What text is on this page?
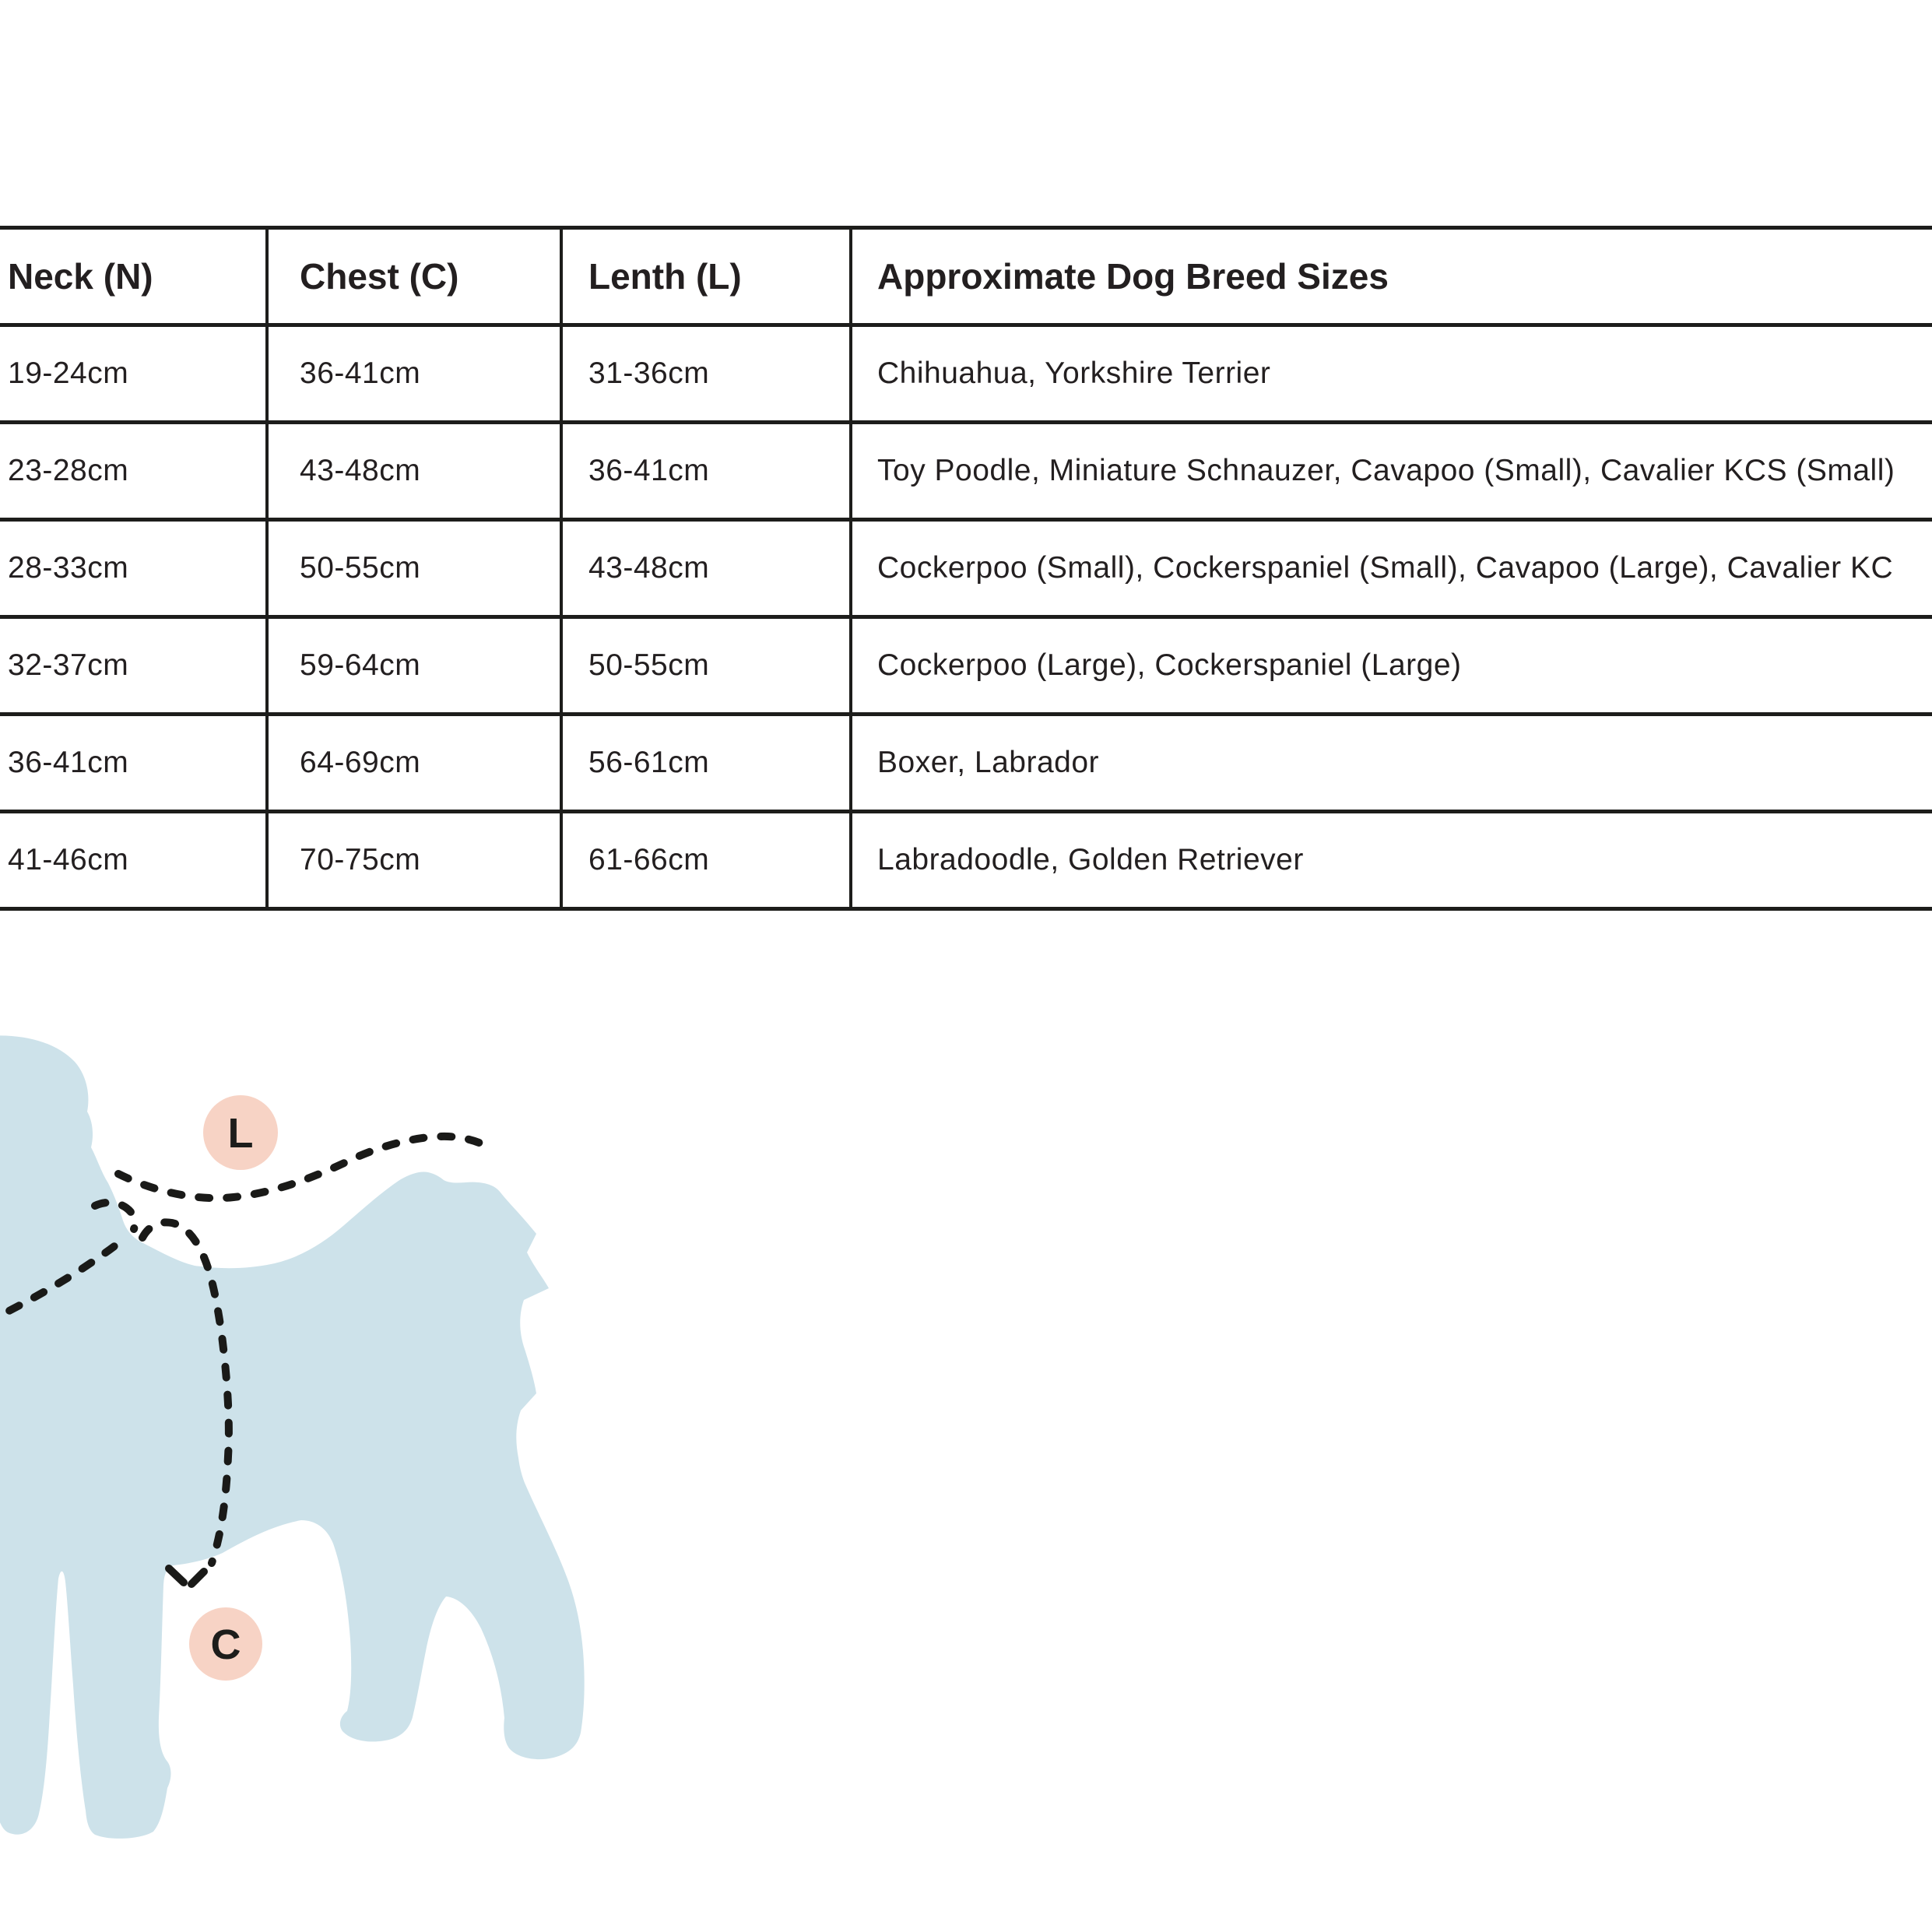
Neck (N)	Chest (C)	Lenth (L)	Approximate Dog Breed Sizes
19-24cm	36-41cm	31-36cm	Chihuahua, Yorkshire Terrier
23-28cm	43-48cm	36-41cm	Toy Poodle, Miniature Schnauzer, Cavapoo (Small), Cavalier KCS (Small)
28-33cm	50-55cm	43-48cm	Cockerpoo (Small), Cockerspaniel (Small), Cavapoo (Large), Cavalier KC
32-37cm	59-64cm	50-55cm	Cockerpoo (Large), Cockerspaniel (Large)
36-41cm	64-69cm	56-61cm	Boxer, Labrador
41-46cm	70-75cm	61-66cm	Labradoodle, Golden Retriever
L
C
